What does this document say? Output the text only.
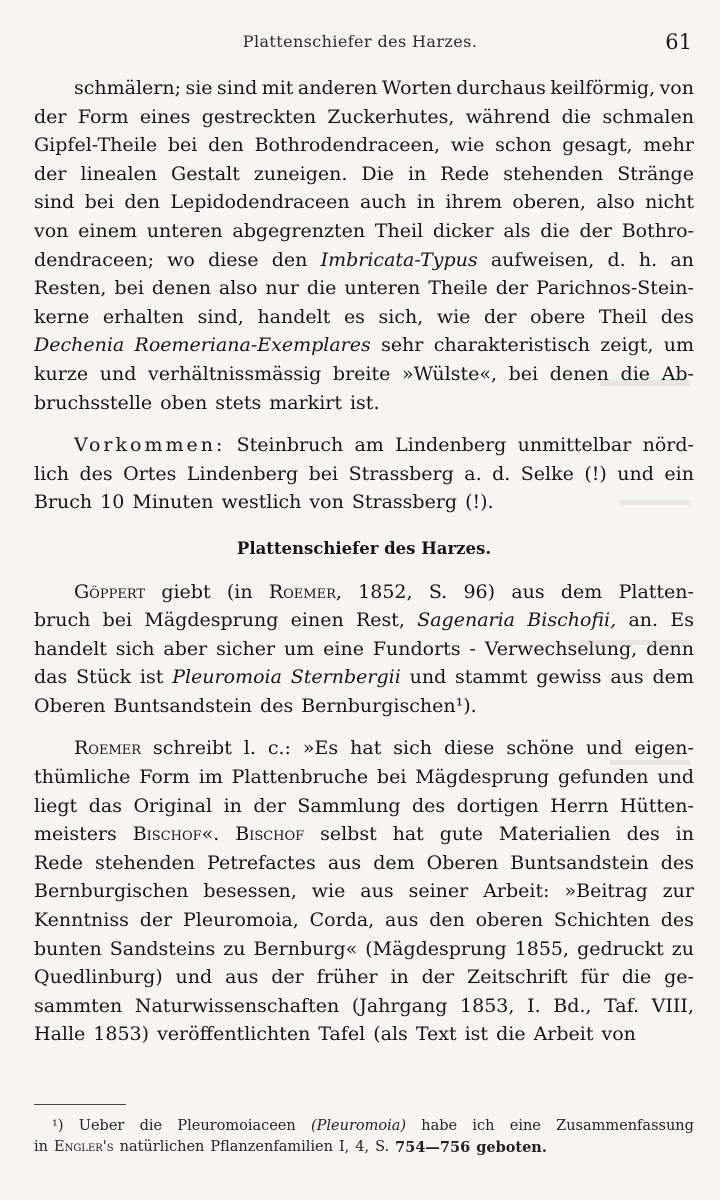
Plattenschiefer des Harzes.	61
schmälern; sie sind mit anderen Worten durchaus keilförmig, von
der Form eines gestreckten Zuckerhutes, während die schmalen
Gipfel-Theile bei den Bothrodendraceen, wie schon gesagt, mehr
der linealen Gestalt zuneigen. Die in Rede stehenden Stränge
sind bei den Lepidodendraceen auch in ihrem oberen, also nicht
von einem unteren abgegrenzten Theil dicker als die der Bothro-
dendraceen; wo diese den Imbricata-Typus aufweisen, d. h. an
Resten, bei denen also nur die unteren Theile der Parichnos-Stein-
kerne erhalten sind, handelt es sich, wie der obere Theil des
Dechenia Roemeriana-Exemplares sehr charakteristisch zeigt, um
kurze und verhältnissmässig breite »Wülste«, bei denen die Ab-
bruchsstelle oben stets markirt ist.
Vorkommen: Steinbruch am Lindenberg unmittelbar nörd-
lich des Ortes Lindenberg bei Strassberg a. d. Selke (!) und ein
Bruch 10 Minuten westlich von Strassberg (!).
Plattenschiefer des Harzes.
Göppert giebt (in Roemer, 1852, S. 96) aus dem Platten-
bruch bei Mägdesprung einen Rest, Sagenaria Bischofii, an. Es
handelt sich aber sicher um eine Fundorts - Verwechselung, denn
das Stück ist Pleuromoia Sternbergii und stammt gewiss aus dem
Oberen Buntsandstein des Bernburgischen¹).
Roemer schreibt l. c.: »Es hat sich diese schöne und eigen-
thümliche Form im Plattenbruche bei Mägdesprung gefunden und
liegt das Original in der Sammlung des dortigen Herrn Hütten-
meisters Bischof«. Bischof selbst hat gute Materialien des in
Rede stehenden Petrefactes aus dem Oberen Buntsandstein des
Bernburgischen besessen, wie aus seiner Arbeit: »Beitrag zur
Kenntniss der Pleuromoia, Corda, aus den oberen Schichten des
bunten Sandsteins zu Bernburg« (Mägdesprung 1855, gedruckt zu
Quedlinburg) und aus der früher in der Zeitschrift für die ge-
sammten Naturwissenschaften (Jahrgang 1853, I. Bd., Taf. VIII,
Halle 1853) veröffentlichten Tafel (als Text ist die Arbeit von
¹) Ueber die Pleuromoiaceen (Pleuromoia) habe ich eine Zusammenfassung
in Engler's natürlichen Pflanzenfamilien I, 4, S. 754—756 geboten.
